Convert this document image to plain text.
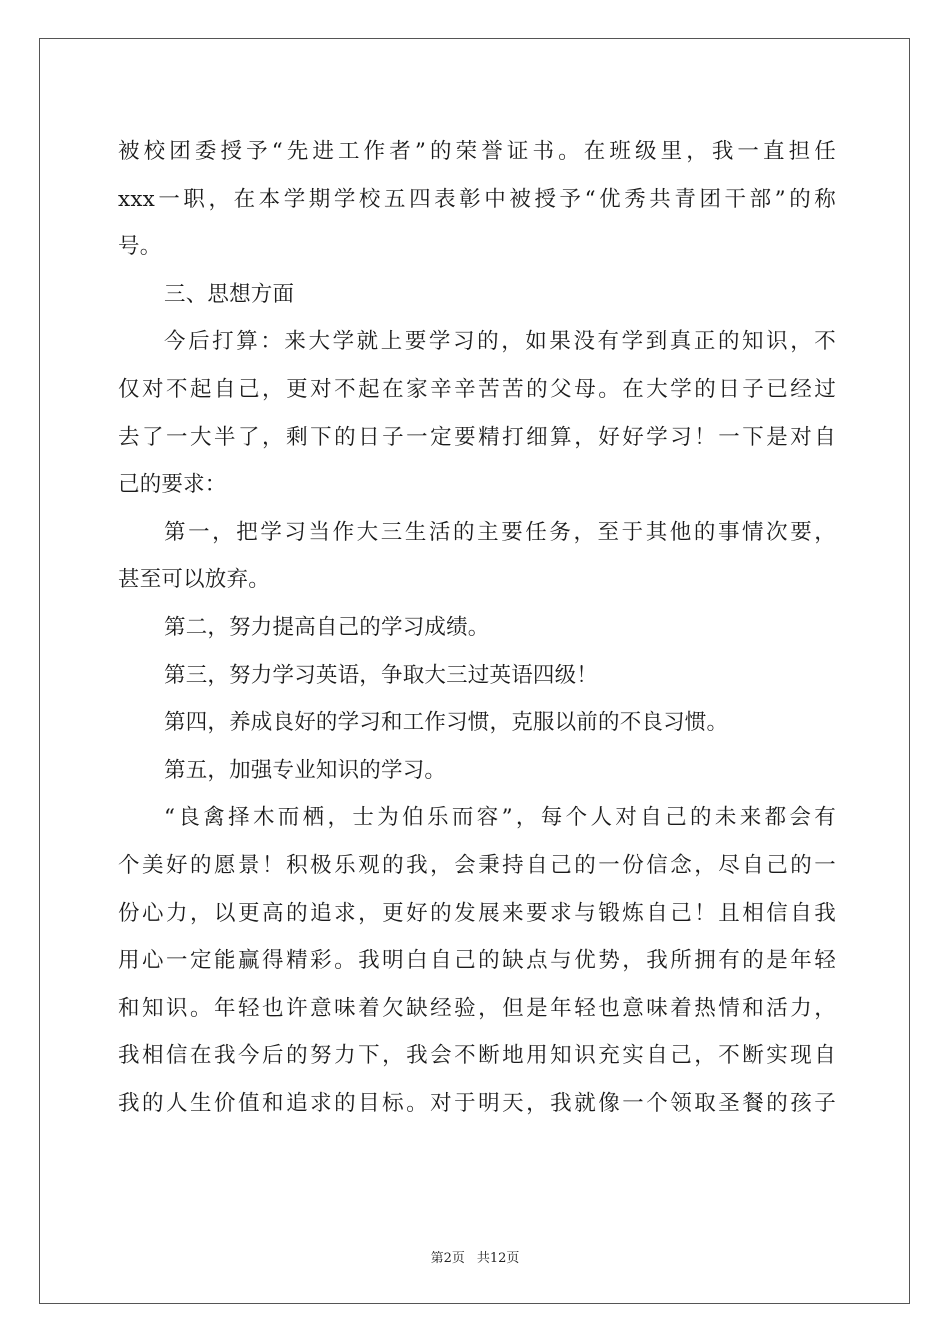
被校团委授予“先进工作者”的荣誉证书。在班级里，我一直担任
xxx一职，在本学期学校五四表彰中被授予“优秀共青团干部”的称
号。
三、思想方面
今后打算：来大学就上要学习的，如果没有学到真正的知识，不
仅对不起自己，更对不起在家辛辛苦苦的父母。在大学的日子已经过
去了一大半了，剩下的日子一定要精打细算，好好学习！一下是对自
己的要求：
第一，把学习当作大三生活的主要任务，至于其他的事情次要，
甚至可以放弃。
第二，努力提高自己的学习成绩。
第三，努力学习英语，争取大三过英语四级！
第四，养成良好的学习和工作习惯，克服以前的不良习惯。
第五，加强专业知识的学习。
“良禽择木而栖，士为伯乐而容”，每个人对自己的未来都会有
个美好的愿景！积极乐观的我，会秉持自己的一份信念，尽自己的一
份心力，以更高的追求，更好的发展来要求与锻炼自己！且相信自我
用心一定能赢得精彩。我明白自己的缺点与优势，我所拥有的是年轻
和知识。年轻也许意味着欠缺经验，但是年轻也意味着热情和活力，
我相信在我今后的努力下，我会不断地用知识充实自己，不断实现自
我的人生价值和追求的目标。对于明天，我就像一个领取圣餐的孩子
第2页 共12页
